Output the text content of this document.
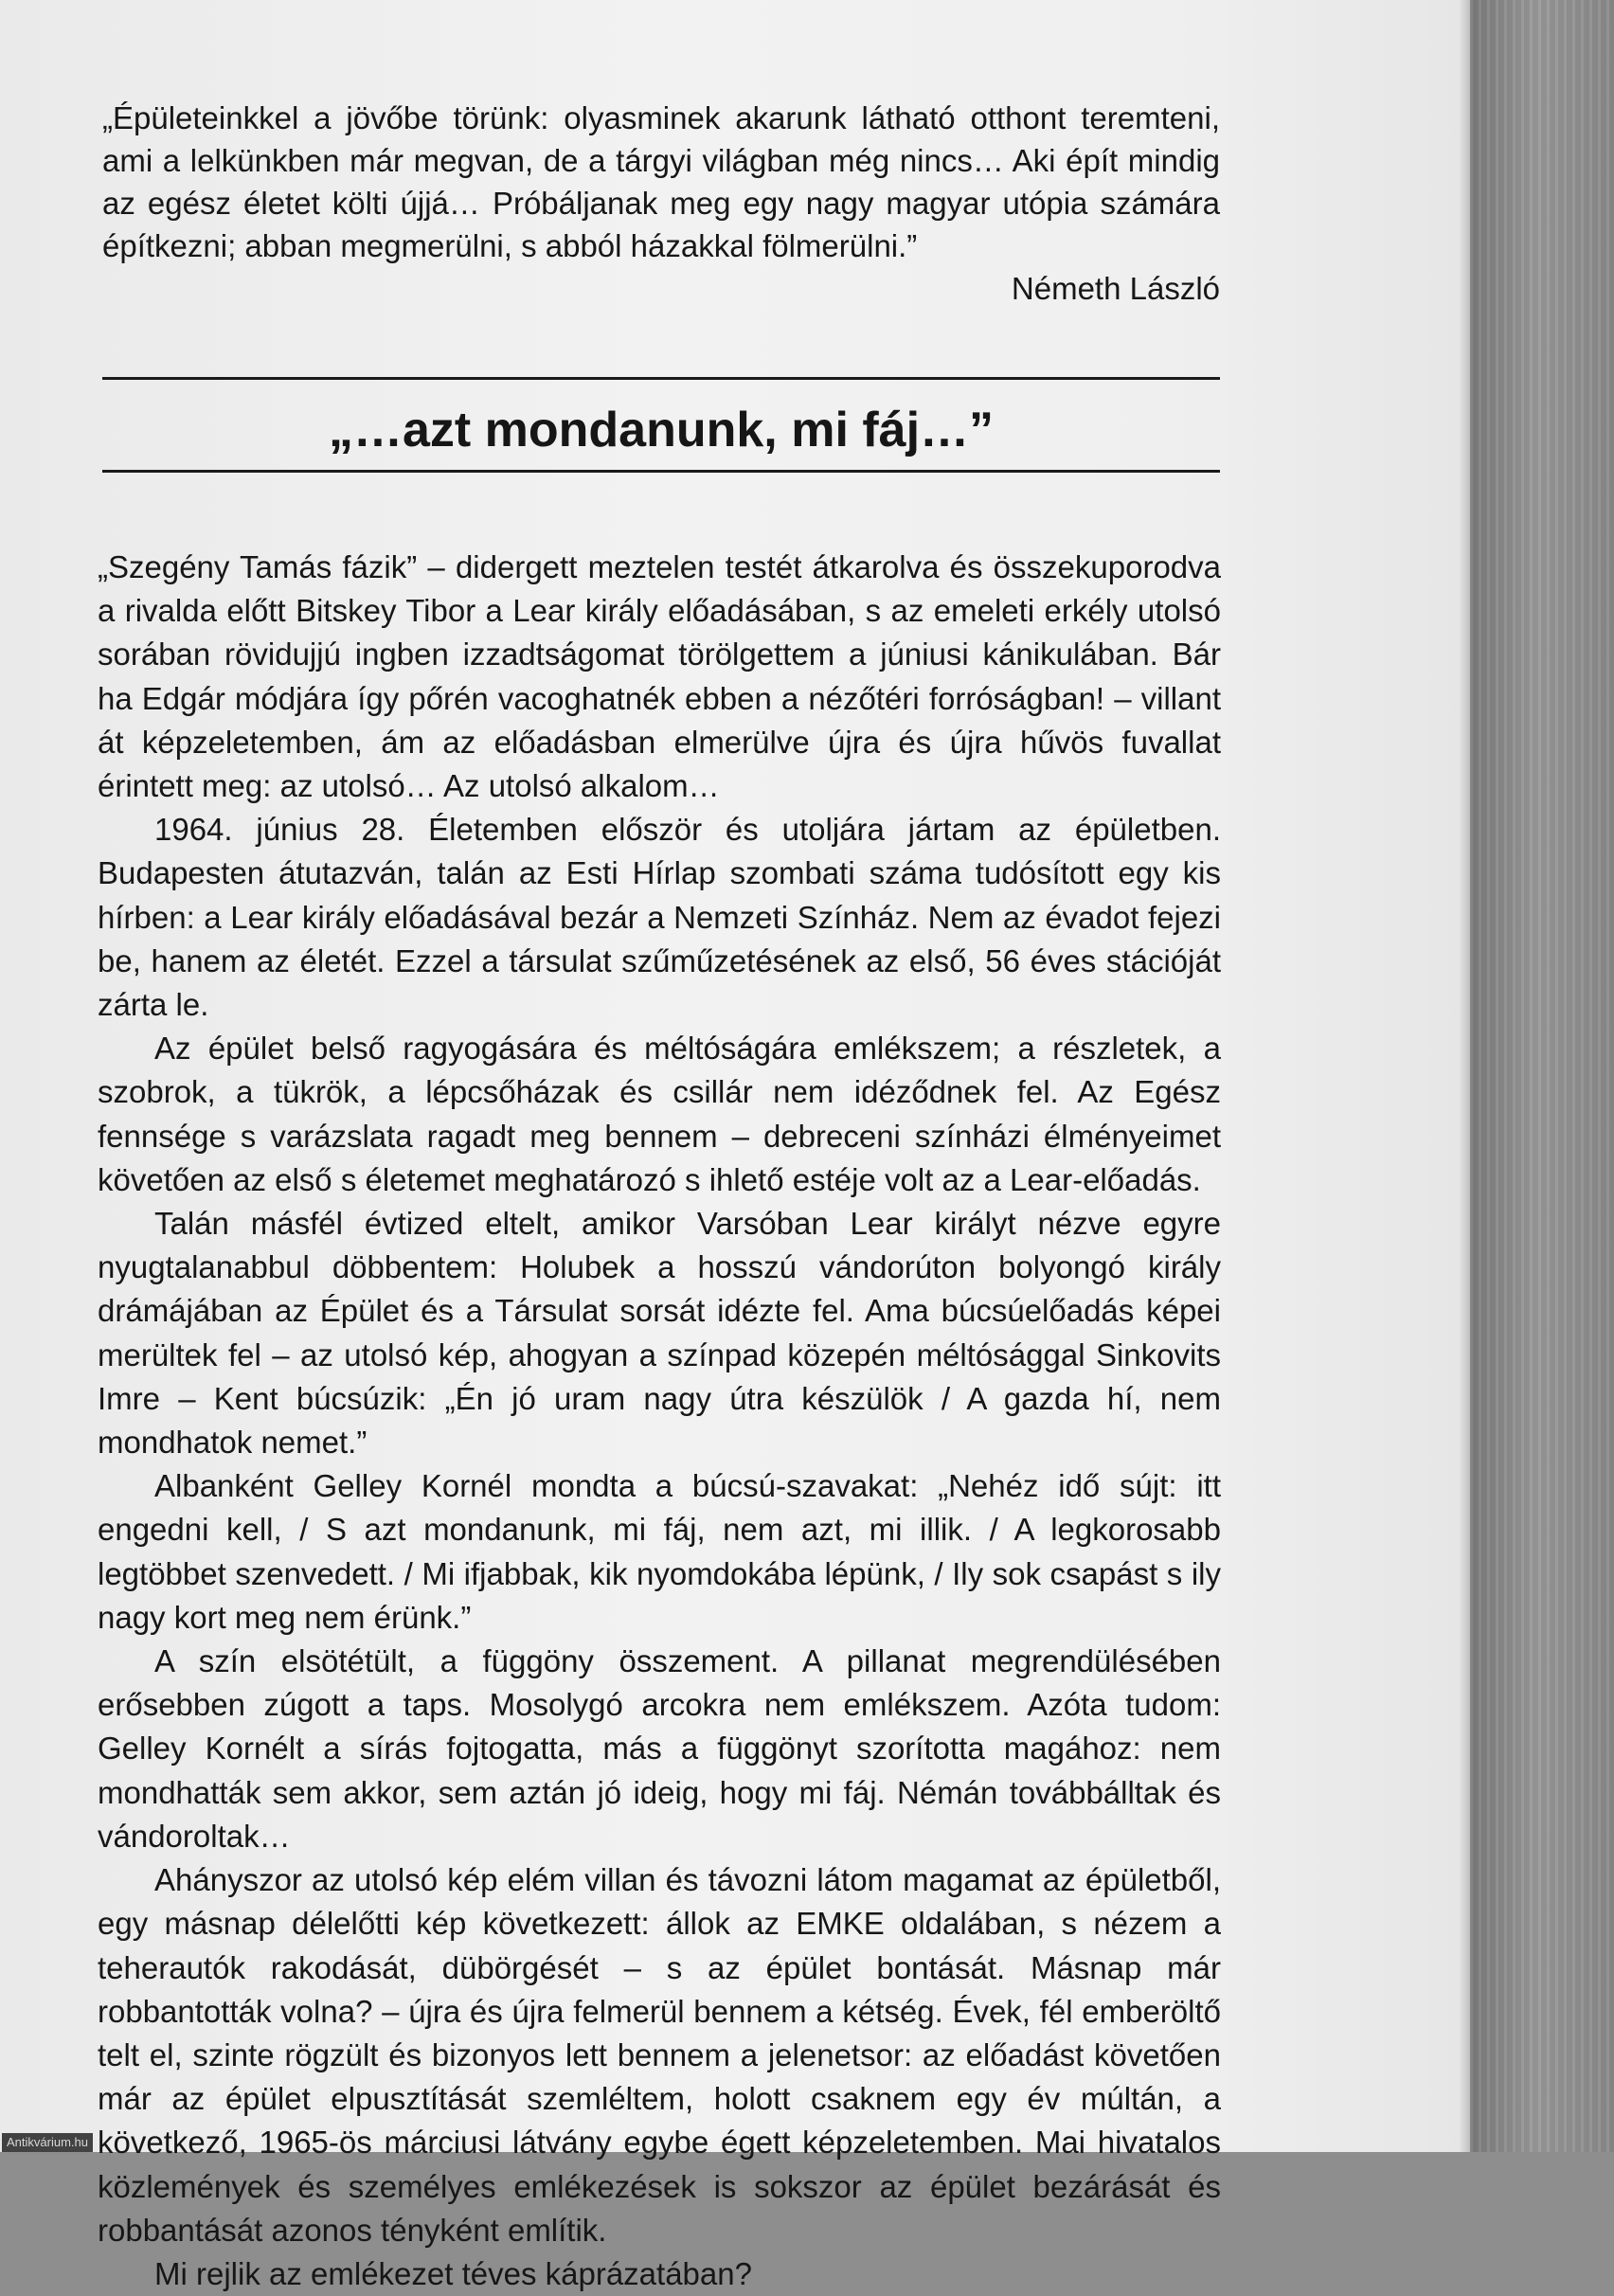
„Épületeinkkel a jövőbe törünk: olyasminek akarunk látható otthont teremteni, ami a lelkünkben már megvan, de a tárgyi világban még nincs… Aki épít mindig az egész életet költi újjá… Próbáljanak meg egy nagy magyar utópia számára építkezni; abban megmerülni, s abból házakkal fölmerülni.”
Németh László
„…azt mondanunk, mi fáj…”

„Szegény Tamás fázik” – didergett meztelen testét átkarolva és összekuporodva a rivalda előtt Bitskey Tibor a Lear király előadásában, s az emeleti erkély utolsó sorában rövidujjú ingben izzadtságomat törölgettem a júniusi kánikulában. Bár ha Edgár módjára így pőrén vacoghatnék ebben a nézőtéri forróságban! – villant át képzeletemben, ám az előadásban elmerülve újra és újra hűvös fuvallat érintett meg: az utolsó… Az utolsó alkalom…

1964. június 28. Életemben először és utoljára jártam az épületben. Budapesten átutazván, talán az Esti Hírlap szombati száma tudósított egy kis hírben: a Lear király előadásával bezár a Nemzeti Színház. Nem az évadot fejezi be, hanem az életét. Ezzel a társulat szűműzetésének az első, 56 éves stációját zárta le.

Az épület belső ragyogására és méltóságára emlékszem; a részletek, a szobrok, a tükrök, a lépcsőházak és csillár nem idéződnek fel. Az Egész fennsége s varázslata ragadt meg bennem – debreceni színházi élményeimet követően az első s életemet meghatározó s ihlető estéje volt az a Lear-előadás.

Talán másfél évtized eltelt, amikor Varsóban Lear királyt nézve egyre nyugtalanabbul döbbentem: Holubek a hosszú vándorúton bolyongó király drámájában az Épület és a Társulat sorsát idézte fel. Ama búcsúelőadás képei merültek fel – az utolsó kép, ahogyan a színpad közepén méltósággal Sinkovits Imre – Kent búcsúzik: „Én jó uram nagy útra készülök / A gazda hí, nem mondhatok nemet.”

Albanként Gelley Kornél mondta a búcsú-szavakat: „Nehéz idő sújt: itt engedni kell, / S azt mondanunk, mi fáj, nem azt, mi illik. / A legkorosabb legtöbbet szenvedett. / Mi ifjabbak, kik nyomdokába lépünk, / Ily sok csapást s ily nagy kort meg nem érünk.”

A szín elsötétült, a függöny összement. A pillanat megrendülésében erősebben zúgott a taps. Mosolygó arcokra nem emlékszem. Azóta tudom: Gelley Kornélt a sírás fojtogatta, más a függönyt szorította magához: nem mondhatták sem akkor, sem aztán jó ideig, hogy mi fáj. Némán továbbálltak és vándoroltak…

Ahányszor az utolsó kép elém villan és távozni látom magamat az épületből, egy másnap délelőtti kép következett: állok az EMKE oldalában, s nézem a teherautók rakodását, dübörgését – s az épület bontását. Másnap már robbantották volna? – újra és újra felmerül bennem a kétség. Évek, fél emberöltő telt el, szinte rögzült és bizonyos lett bennem a jelenetsor: az előadást követően már az épület elpusztítását szemléltem, holott csaknem egy év múltán, a következő, 1965-ös márciusi látvány egybe égett képzeletemben. Mai hivatalos közlemények és személyes emlékezések is sokszor az épület bezárását és robbantását azonos tényként említik.

Mi rejlik az emlékezet téves káprázatában?

Antikvárium.hu
